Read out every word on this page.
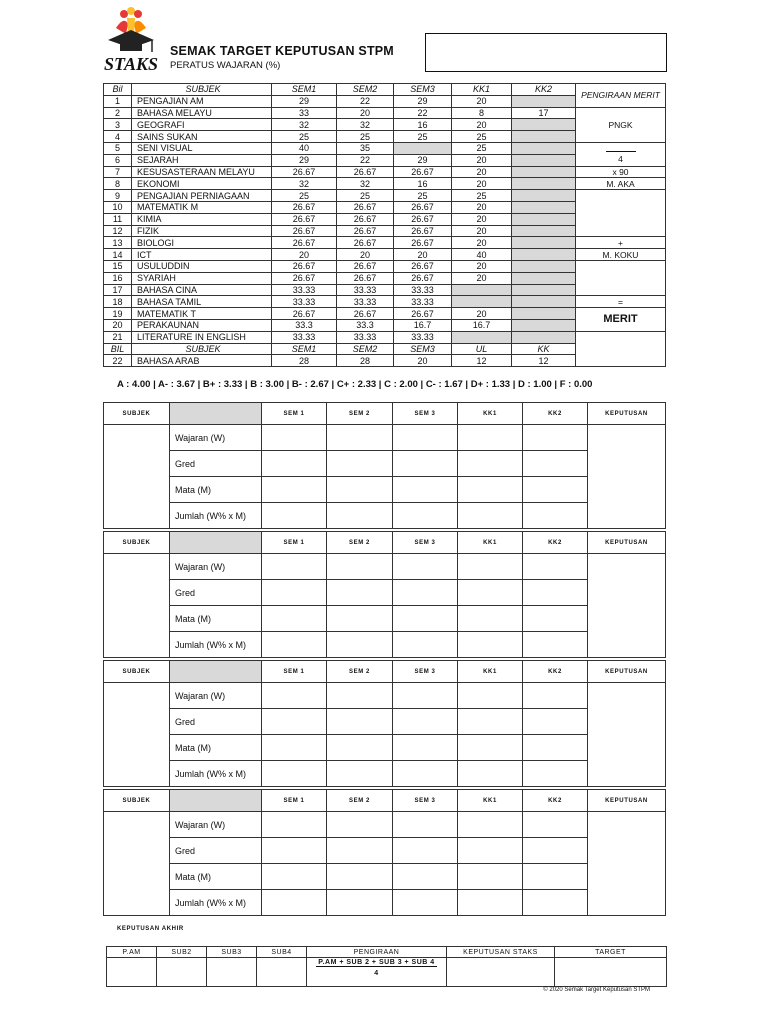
STAKS
SEMAK TARGET KEPUTUSAN STPM
PERATUS WAJARAN (%)
Bil	SUBJEK	SEM1	SEM2	SEM3	KK1	KK2	PENGIRAAN MERIT

1	PENGAJIAN AM	29	22	29	20		
2	BAHASA MELAYU	33	20	22	8	17	PNGK

3	GEOGRAFI	32	32	16	20		
4	SAINS SUKAN	25	25	25	25		
5	SENI VISUAL	40	35		25		4

6	SEJARAH	29	22	29	20		
7	KESUSASTERAAN MELAYU	26.67	26.67	26.67	20		x 90

8	EKONOMI	32	32	16	20		M. AKA

9	PENGAJIAN PERNIAGAAN	25	25	25	25		
10	MATEMATIK M	26.67	26.67	26.67	20		
11	KIMIA	26.67	26.67	26.67	20		
12	FIZIK	26.67	26.67	26.67	20		
13	BIOLOGI	26.67	26.67	26.67	20		+

14	ICT	20	20	20	40		M. KOKU

15	USULUDDIN	26.67	26.67	26.67	20		
16	SYARIAH	26.67	26.67	26.67	20		
17	BAHASA CINA	33.33	33.33	33.33			
18	BAHASA TAMIL	33.33	33.33	33.33			=

19	MATEMATIK T	26.67	26.67	26.67	20		MERIT

20	PERAKAUNAN	33.3	33.3	16.7	16.7		
21	LITERATURE IN ENGLISH	33.33	33.33	33.33			
BIL	SUBJEK	SEM1	SEM2	SEM3	UL	KK	
22	BAHASA ARAB	28	28	20	12	12	
A : 4.00 | A- : 3.67 | B+ : 3.33 | B : 3.00 | B- : 2.67 | C+ : 2.33 | C : 2.00 | C- : 1.67 | D+ : 1.33 | D : 1.00 | F : 0.00
SUBJEK		SEM 1	SEM 2	SEM 3	KK1	KK2	KEPUTUSAN
	Wajaran (W)						
	Gred						
	Mata (M)						
	Jumlah (W% x M)						
SUBJEK		SEM 1	SEM 2	SEM 3	KK1	KK2	KEPUTUSAN
	Wajaran (W)						
	Gred						
	Mata (M)						
	Jumlah (W% x M)						
SUBJEK		SEM 1	SEM 2	SEM 3	KK1	KK2	KEPUTUSAN
	Wajaran (W)						
	Gred						
	Mata (M)						
	Jumlah (W% x M)						
SUBJEK		SEM 1	SEM 2	SEM 3	KK1	KK2	KEPUTUSAN
	Wajaran (W)						
	Gred						
	Mata (M)						
	Jumlah (W% x M)						
KEPUTUSAN AKHIR
P.AM	SUB2	SUB3	SUB4	PENGIRAAN	KEPUTUSAN STAKS	TARGET

				P.AM + SUB 2 + SUB 3 + SUB 4
4		

© 2020 Semak Target Keputusan STPM
